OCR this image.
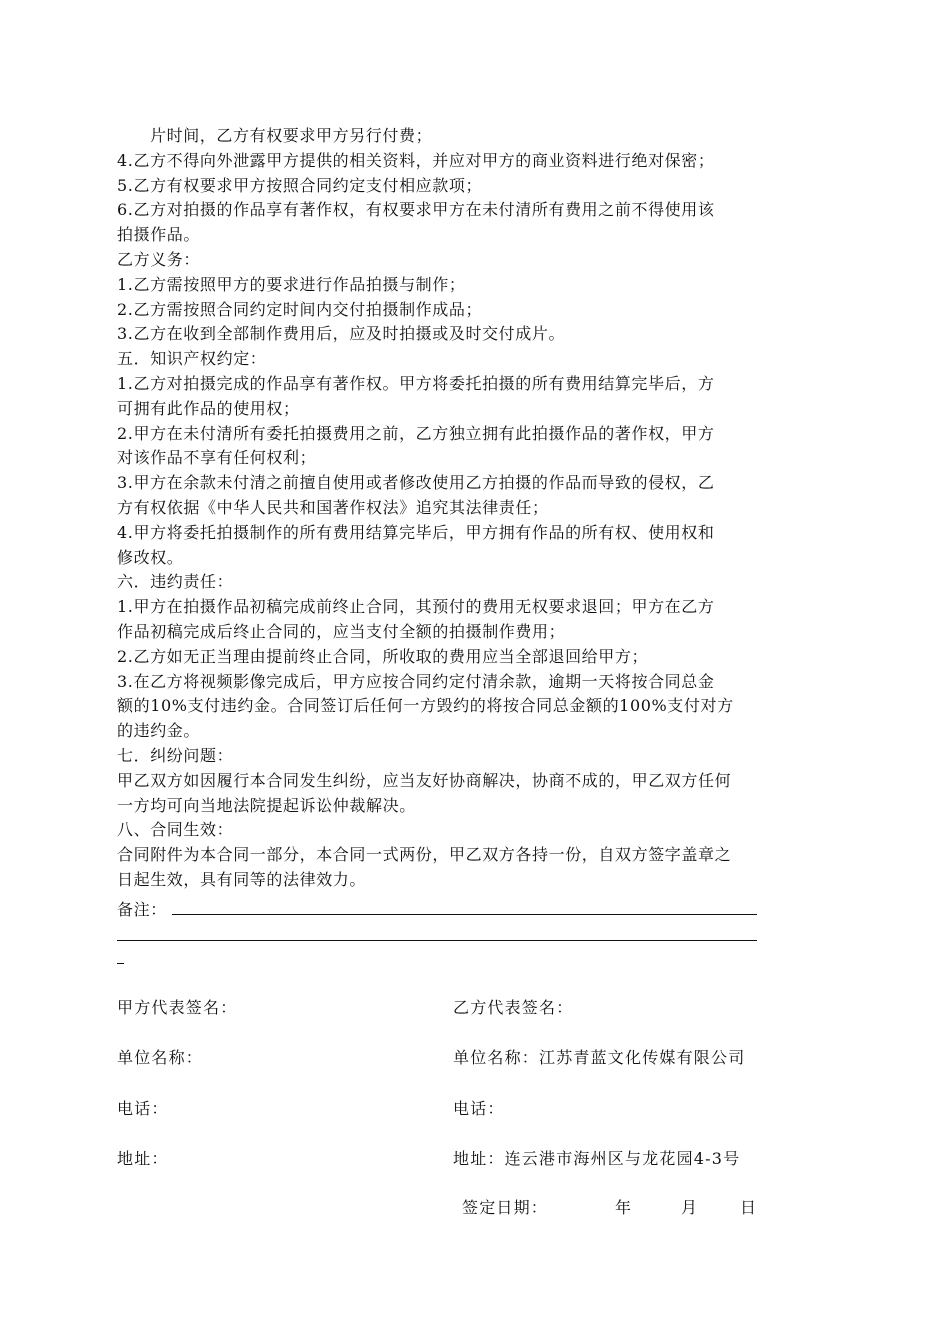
片时间，乙方有权要求甲方另行付费；

4.乙方不得向外泄露甲方提供的相关资料，并应对甲方的商业资料进行绝对保密；

5.乙方有权要求甲方按照合同约定支付相应款项；

6.乙方对拍摄的作品享有著作权，有权要求甲方在未付清所有费用之前不得使用该

拍摄作品。

乙方义务：

1.乙方需按照甲方的要求进行作品拍摄与制作；

2.乙方需按照合同约定时间内交付拍摄制作成品；

3.乙方在收到全部制作费用后，应及时拍摄或及时交付成片。

五．知识产权约定：

1.乙方对拍摄完成的作品享有著作权。甲方将委托拍摄的所有费用结算完毕后，方

可拥有此作品的使用权；

2.甲方在未付清所有委托拍摄费用之前，乙方独立拥有此拍摄作品的著作权，甲方

对该作品不享有任何权利；

3.甲方在余款未付清之前擅自使用或者修改使用乙方拍摄的作品而导致的侵权，乙

方有权依据《中华人民共和国著作权法》追究其法律责任；

4.甲方将委托拍摄制作的所有费用结算完毕后，甲方拥有作品的所有权、使用权和

修改权。

六．违约责任：

1.甲方在拍摄作品初稿完成前终止合同，其预付的费用无权要求退回；甲方在乙方

作品初稿完成后终止合同的，应当支付全额的拍摄制作费用；

2.乙方如无正当理由提前终止合同，所收取的费用应当全部退回给甲方；

3.在乙方将视频影像完成后，甲方应按合同约定付清余款，逾期一天将按合同总金

额的10%支付违约金。合同签订后任何一方毁约的将按合同总金额的100%支付对方

的违约金。

七．纠纷问题：

甲乙双方如因履行本合同发生纠纷，应当友好协商解决，协商不成的，甲乙双方任何

一方均可向当地法院提起诉讼仲裁解决。

八、合同生效：

合同附件为本合同一部分，本合同一式两份，甲乙双方各持一份，自双方签字盖章之

日起生效，具有同等的法律效力。

备注：
甲方代表签名：	乙方代表签名：
单位名称：	单位名称：江苏青蓝文化传媒有限公司
电话：	电话：
地址：	地址：连云港市海州区与龙花园4-3号
签定日期：	年	月	日
